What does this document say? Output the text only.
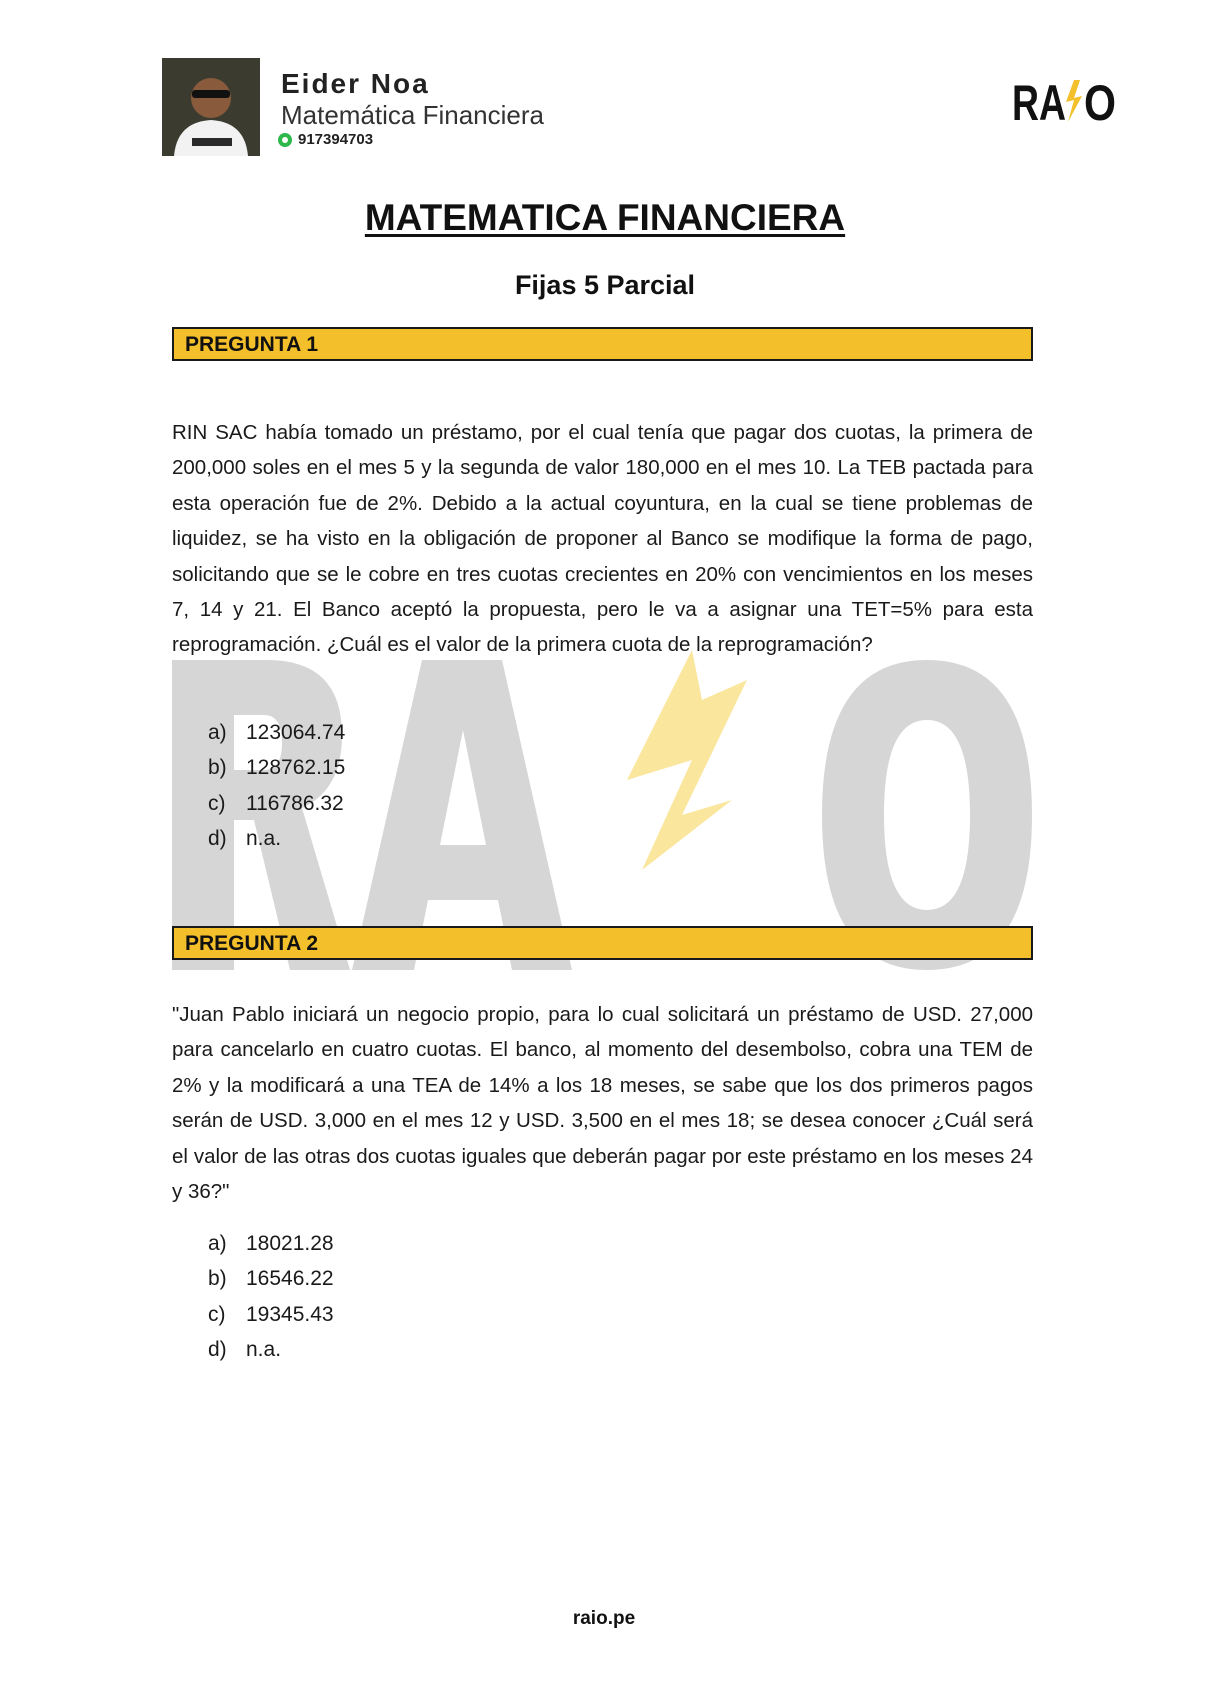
Eider Noa
Matemática Financiera
917394703
RA O
MATEMATICA FINANCIERA
Fijas 5 Parcial
PREGUNTA 1

RIN SAC había tomado un préstamo, por el cual tenía que pagar dos cuotas, la primera de 200,000 soles en el mes 5 y la segunda de valor 180,000 en el mes 10. La TEB pactada para esta operación fue de 2%. Debido a la actual coyuntura, en la cual se tiene problemas de liquidez, se ha visto en la obligación de proponer al Banco se modifique la forma de pago, solicitando que se le cobre en tres cuotas crecientes en 20% con vencimientos en los meses 7, 14 y 21. El Banco aceptó la propuesta, pero le va a asignar una TET=5% para esta reprogramación. ¿Cuál es el valor de la primera cuota de la reprogramación?

a) 123064.74
b) 128762.15
c) 116786.32
d) n.a.
PREGUNTA 2

"Juan Pablo iniciará un negocio propio, para lo cual solicitará un préstamo de USD. 27,000 para cancelarlo en cuatro cuotas. El banco, al momento del desembolso, cobra una TEM de 2% y la modificará a una TEA de 14% a los 18 meses, se sabe que los dos primeros pagos serán de USD. 3,000 en el mes 12 y USD. 3,500 en el mes 18; se desea conocer ¿Cuál será el valor de las otras dos cuotas iguales que deberán pagar por este préstamo en los meses 24 y 36?"

a) 18021.28
b) 16546.22
c) 19345.43
d) n.a.
raio.pe
